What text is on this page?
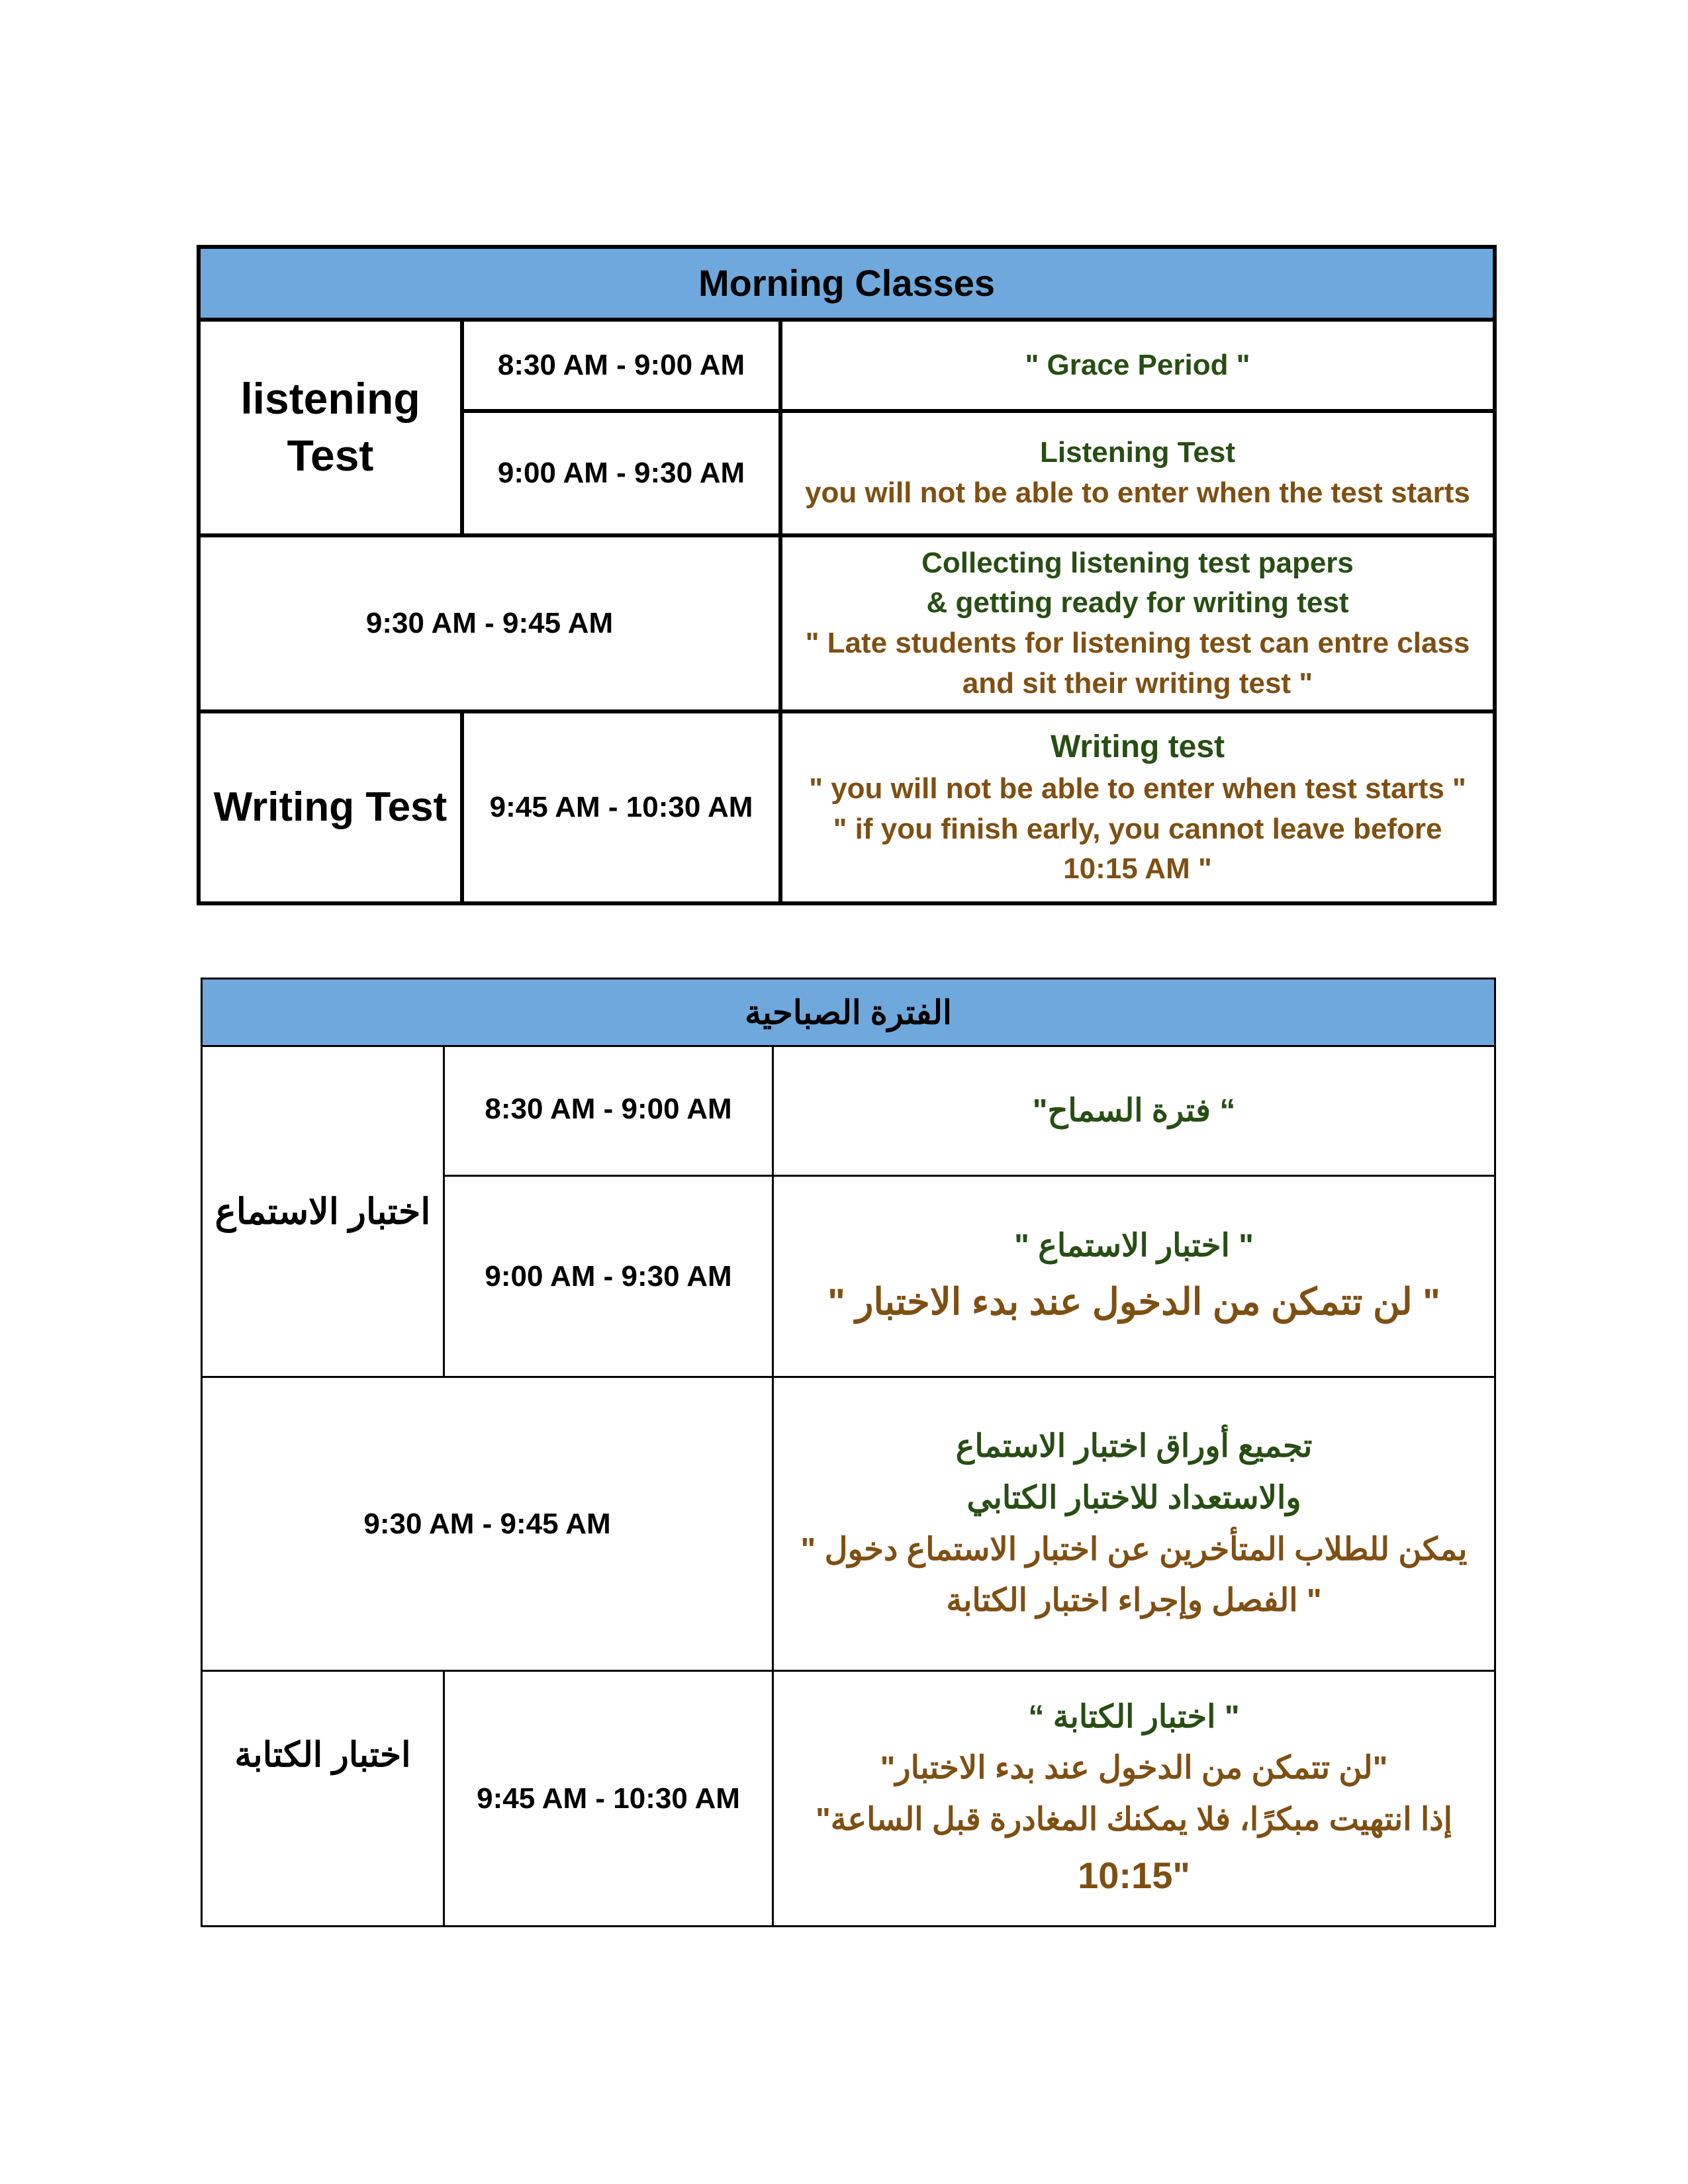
Morning Classes		
listening Test	8:30 AM - 9:00 AM	" Grace Period "

	9:00 AM - 9:30 AM	Listening Test
you will not be able to enter when the test starts

9:30 AM - 9:45 AM		Collecting listening test papers
& getting ready for writing test
" Late students for listening test can entre class
and sit their writing test "

Writing Test	9:45 AM - 10:30 AM	Writing test
" you will not be able to enter when test starts "
" if you finish early, you cannot leave before
10:15 AM "
الفترة الصباحية		
اختبار الاستماع	8:30 AM - 9:00 AM	“ فترة السماح"

	9:00 AM - 9:30 AM	" اختبار الاستماع "
" لن تتمكن من الدخول عند بدء الاختبار "

9:30 AM - 9:45 AM		تجميع أوراق اختبار الاستماع
والاستعداد للاختبار الكتابي
يمكن للطلاب المتأخرين عن اختبار الاستماع دخول "
" الفصل وإجراء اختبار الكتابة

اختبار الكتابة	9:45 AM - 10:30 AM	" اختبار الكتابة “
"لن تتمكن من الدخول عند بدء الاختبار"
إذا انتهيت مبكرًا، فلا يمكنك المغادرة قبل الساعة"
10:15"
